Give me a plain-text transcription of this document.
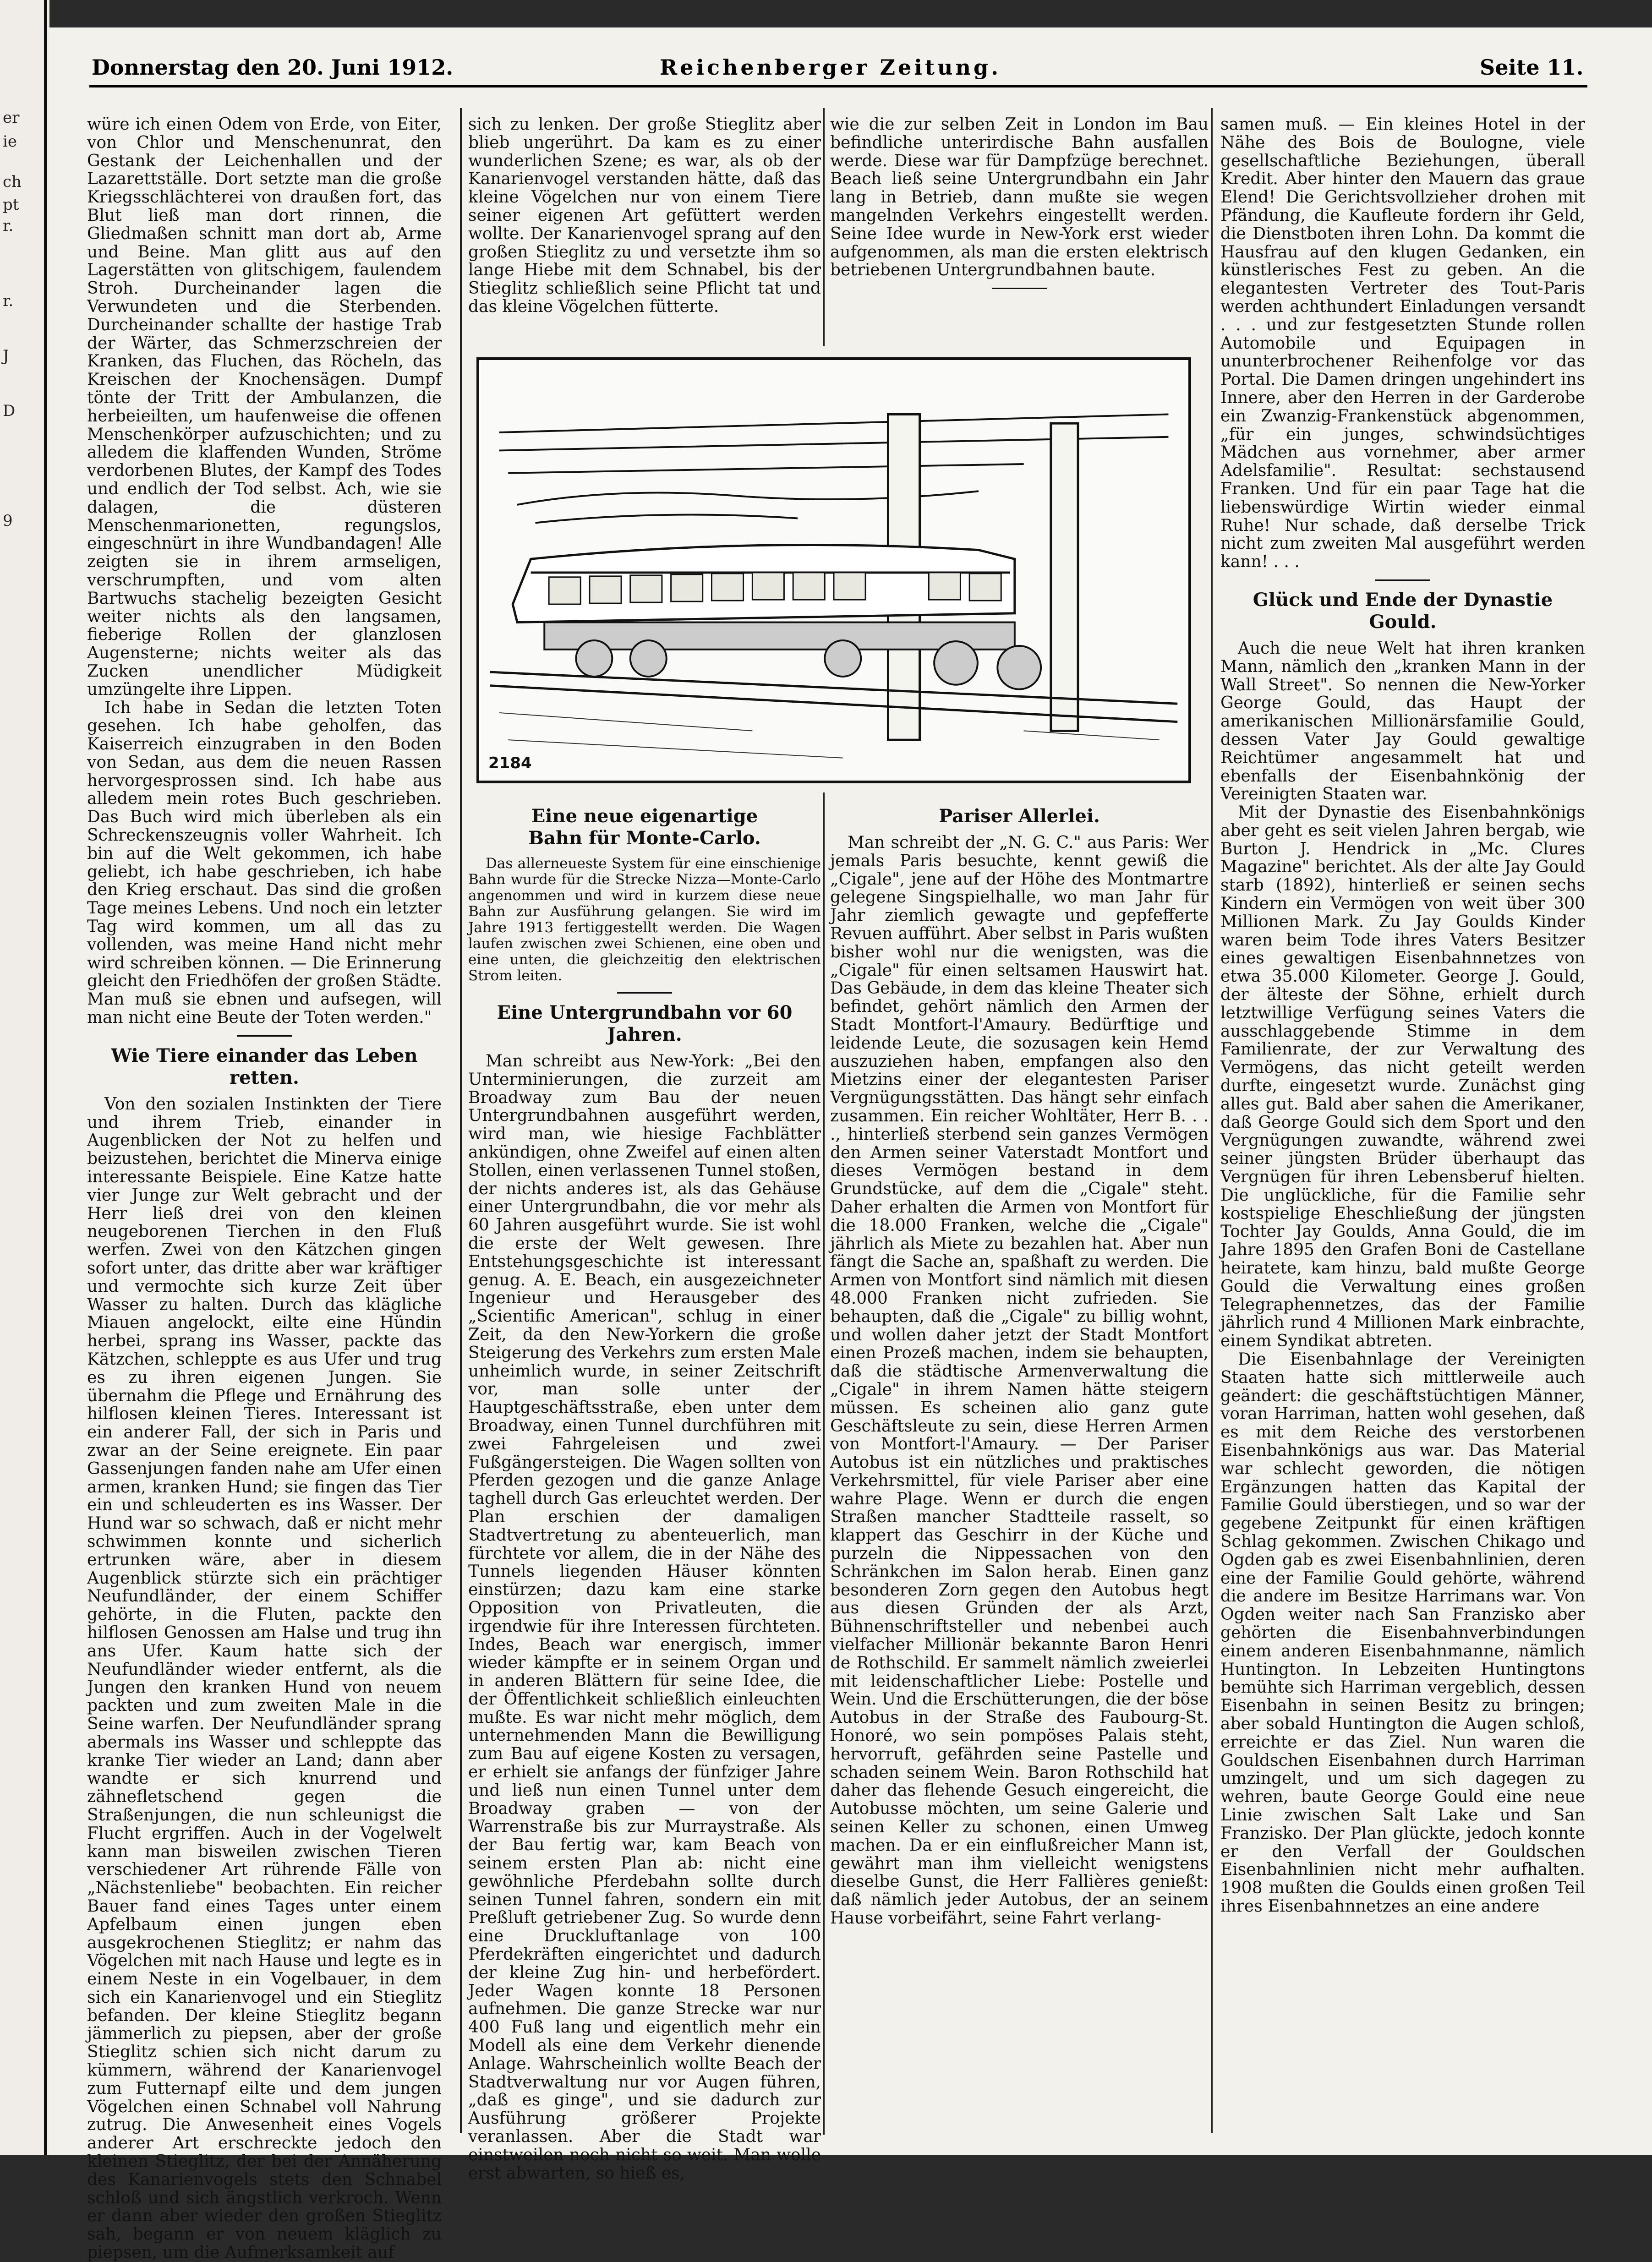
er
ie
ch
pt
r.
r.
J
D
9
Donnerstag den 20. Juni 1912.	Reichenberger Zeitung.	Seite 11.

würe ich einen Odem von Erde, von Eiter, von Chlor und Menschenunrat, den Gestank der Leichenhallen und der Lazarettställe. Dort setzte man die große Kriegsschlächterei von draußen fort, das Blut ließ man dort rinnen, die Gliedmaßen schnitt man dort ab, Arme und Beine. Man glitt aus auf den Lagerstätten von glitschigem, faulendem Stroh. Durcheinander lagen die Verwundeten und die Sterbenden. Durcheinander schallte der hastige Trab der Wärter, das Schmerzschreien der Kranken, das Fluchen, das Röcheln, das Kreischen der Knochensägen. Dumpf tönte der Tritt der Ambulanzen, die herbeieilten, um haufenweise die offenen Menschenkörper aufzuschichten; und zu alledem die klaffenden Wunden, Ströme verdorbenen Blutes, der Kampf des Todes und endlich der Tod selbst. Ach, wie sie dalagen, die düsteren Menschenmarionetten, regungslos, eingeschnürt in ihre Wundbandagen! Alle zeigten sie in ihrem armseligen, verschrumpften, und vom alten Bartwuchs stachelig bezeigten Gesicht weiter nichts als den langsamen, fieberige Rollen der glanzlosen Augensterne; nichts weiter als das Zucken unendlicher Müdigkeit umzüngelte ihre Lippen.

Ich habe in Sedan die letzten Toten gesehen. Ich habe geholfen, das Kaiserreich einzugraben in den Boden von Sedan, aus dem die neuen Rassen hervorgesprossen sind. Ich habe aus alledem mein rotes Buch geschrieben. Das Buch wird mich überleben als ein Schreckenszeugnis voller Wahrheit. Ich bin auf die Welt gekommen, ich habe geliebt, ich habe geschrieben, ich habe den Krieg erschaut. Das sind die großen Tage meines Lebens. Und noch ein letzter Tag wird kommen, um all das zu vollenden, was meine Hand nicht mehr wird schreiben können. — Die Erinnerung gleicht den Friedhöfen der großen Städte. Man muß sie ebnen und aufsegen, will man nicht eine Beute der Toten werden."

Wie Tiere einander das Leben retten.

Von den sozialen Instinkten der Tiere und ihrem Trieb, einander in Augenblicken der Not zu helfen und beizustehen, berichtet die Minerva einige interessante Beispiele. Eine Katze hatte vier Junge zur Welt gebracht und der Herr ließ drei von den kleinen neugeborenen Tierchen in den Fluß werfen. Zwei von den Kätzchen gingen sofort unter, das dritte aber war kräftiger und vermochte sich kurze Zeit über Wasser zu halten. Durch das klägliche Miauen angelockt, eilte eine Hündin herbei, sprang ins Wasser, packte das Kätzchen, schleppte es aus Ufer und trug es zu ihren eigenen Jungen. Sie übernahm die Pflege und Ernährung des hilflosen kleinen Tieres. Interessant ist ein anderer Fall, der sich in Paris und zwar an der Seine ereignete. Ein paar Gassenjungen fanden nahe am Ufer einen armen, kranken Hund; sie fingen das Tier ein und schleuderten es ins Wasser. Der Hund war so schwach, daß er nicht mehr schwimmen konnte und sicherlich ertrunken wäre, aber in diesem Augenblick stürzte sich ein prächtiger Neufundländer, der einem Schiffer gehörte, in die Fluten, packte den hilflosen Genossen am Halse und trug ihn ans Ufer. Kaum hatte sich der Neufundländer wieder entfernt, als die Jungen den kranken Hund von neuem packten und zum zweiten Male in die Seine warfen. Der Neufundländer sprang abermals ins Wasser und schleppte das kranke Tier wieder an Land; dann aber wandte er sich knurrend und zähnefletschend gegen die Straßenjungen, die nun schleunigst die Flucht ergriffen. Auch in der Vogelwelt kann man bisweilen zwischen Tieren verschiedener Art rührende Fälle von „Nächstenliebe" beobachten. Ein reicher Bauer fand eines Tages unter einem Apfelbaum einen jungen eben ausgekrochenen Stieglitz; er nahm das Vögelchen mit nach Hause und legte es in einem Neste in ein Vogelbauer, in dem sich ein Kanarienvogel und ein Stieglitz befanden. Der kleine Stieglitz begann jämmerlich zu piepsen, aber der große Stieglitz schien sich nicht darum zu kümmern, während der Kanarienvogel zum Futternapf eilte und dem jungen Vögelchen einen Schnabel voll Nahrung zutrug. Die Anwesenheit eines Vogels anderer Art erschreckte jedoch den kleinen Stieglitz, der bei der Annäherung des Kanarienvogels stets den Schnabel schloß und sich ängstlich verkroch. Wenn er dann aber wieder den großen Stieglitz sah, begann er von neuem kläglich zu piepsen, um die Aufmerksamkeit auf

sich zu lenken. Der große Stieglitz aber blieb ungerührt. Da kam es zu einer wunderlichen Szene; es war, als ob der Kanarienvogel verstanden hätte, daß das kleine Vögelchen nur von einem Tiere seiner eigenen Art gefüttert werden wollte. Der Kanarienvogel sprang auf den großen Stieglitz zu und versetzte ihm so lange Hiebe mit dem Schnabel, bis der Stieglitz schließlich seine Pflicht tat und das kleine Vögelchen fütterte.

Eine neue eigenartige
Bahn für Monte-Carlo.

Das allerneueste System für eine einschienige Bahn wurde für die Strecke Nizza—Monte-Carlo angenommen und wird in kurzem diese neue Bahn zur Ausführung gelangen. Sie wird im Jahre 1913 fertiggestellt werden. Die Wagen laufen zwischen zwei Schienen, eine oben und eine unten, die gleichzeitig den elektrischen Strom leiten.

Eine Untergrundbahn vor 60 Jahren.

Man schreibt aus New-York: „Bei den Unterminierungen, die zurzeit am Broadway zum Bau der neuen Untergrundbahnen ausgeführt werden, wird man, wie hiesige Fachblätter ankündigen, ohne Zweifel auf einen alten Stollen, einen verlassenen Tunnel stoßen, der nichts anderes ist, als das Gehäuse einer Untergrundbahn, die vor mehr als 60 Jahren ausgeführt wurde. Sie ist wohl die erste der Welt gewesen. Ihre Entstehungsgeschichte ist interessant genug. A. E. Beach, ein ausgezeichneter Ingenieur und Herausgeber des „Scientific American", schlug in einer Zeit, da den New-Yorkern die große Steigerung des Verkehrs zum ersten Male unheimlich wurde, in seiner Zeitschrift vor, man solle unter der Hauptgeschäftsstraße, eben unter dem Broadway, einen Tunnel durchführen mit zwei Fahrgeleisen und zwei Fußgängersteigen. Die Wagen sollten von Pferden gezogen und die ganze Anlage taghell durch Gas erleuchtet werden. Der Plan erschien der damaligen Stadtvertretung zu abenteuerlich, man fürchtete vor allem, die in der Nähe des Tunnels liegenden Häuser könnten einstürzen; dazu kam eine starke Opposition von Privatleuten, die irgendwie für ihre Interessen fürchteten. Indes, Beach war energisch, immer wieder kämpfte er in seinem Organ und in anderen Blättern für seine Idee, die der Öffentlichkeit schließlich einleuchten mußte. Es war nicht mehr möglich, dem unternehmenden Mann die Bewilligung zum Bau auf eigene Kosten zu versagen, er erhielt sie anfangs der fünfziger Jahre und ließ nun einen Tunnel unter dem Broadway graben — von der Warrenstraße bis zur Murraystraße. Als der Bau fertig war, kam Beach von seinem ersten Plan ab: nicht eine gewöhnliche Pferdebahn sollte durch seinen Tunnel fahren, sondern ein mit Preßluft getriebener Zug. So wurde denn eine Druckluftanlage von 100 Pferdekräften eingerichtet und dadurch der kleine Zug hin- und herbefördert. Jeder Wagen konnte 18 Personen aufnehmen. Die ganze Strecke war nur 400 Fuß lang und eigentlich mehr ein Modell als eine dem Verkehr dienende Anlage. Wahrscheinlich wollte Beach der Stadtverwaltung nur vor Augen führen, „daß es ginge", und sie dadurch zur Ausführung größerer Projekte veranlassen. Aber die Stadt war einstweilen noch nicht so weit. Man wolle erst abwarten, so hieß es,

wie die zur selben Zeit in London im Bau befindliche unterirdische Bahn ausfallen werde. Diese war für Dampfzüge berechnet. Beach ließ seine Untergrundbahn ein Jahr lang in Betrieb, dann mußte sie wegen mangelnden Verkehrs eingestellt werden. Seine Idee wurde in New-York erst wieder aufgenommen, als man die ersten elektrisch betriebenen Untergrundbahnen baute.

Pariser Allerlei.

Man schreibt der „N. G. C." aus Paris: Wer jemals Paris besuchte, kennt gewiß die „Cigale", jene auf der Höhe des Montmartre gelegene Singspielhalle, wo man Jahr für Jahr ziemlich gewagte und gepfefferte Revuen aufführt. Aber selbst in Paris wußten bisher wohl nur die wenigsten, was die „Cigale" für einen seltsamen Hauswirt hat. Das Gebäude, in dem das kleine Theater sich befindet, gehört nämlich den Armen der Stadt Montfort-l'Amaury. Bedürftige und leidende Leute, die sozusagen kein Hemd auszuziehen haben, empfangen also den Mietzins einer der elegantesten Pariser Vergnügungsstätten. Das hängt sehr einfach zusammen. Ein reicher Wohltäter, Herr B. . . ., hinterließ sterbend sein ganzes Vermögen den Armen seiner Vaterstadt Montfort und dieses Vermögen bestand in dem Grundstücke, auf dem die „Cigale" steht. Daher erhalten die Armen von Montfort für die 18.000 Franken, welche die „Cigale" jährlich als Miete zu bezahlen hat. Aber nun fängt die Sache an, spaßhaft zu werden. Die Armen von Montfort sind nämlich mit diesen 48.000 Franken nicht zufrieden. Sie behaupten, daß die „Cigale" zu billig wohnt, und wollen daher jetzt der Stadt Montfort einen Prozeß machen, indem sie behaupten, daß die städtische Armenverwaltung die „Cigale" in ihrem Namen hätte steigern müssen. Es scheinen alio ganz gute Geschäftsleute zu sein, diese Herren Armen von Montfort-l'Amaury. — Der Pariser Autobus ist ein nützliches und praktisches Verkehrsmittel, für viele Pariser aber eine wahre Plage. Wenn er durch die engen Straßen mancher Stadtteile rasselt, so klappert das Geschirr in der Küche und purzeln die Nippessachen von den Schränkchen im Salon herab. Einen ganz besonderen Zorn gegen den Autobus hegt aus diesen Gründen der als Arzt, Bühnenschriftsteller und nebenbei auch vielfacher Millionär bekannte Baron Henri de Rothschild. Er sammelt nämlich zweierlei mit leidenschaftlicher Liebe: Postelle und Wein. Und die Erschütterungen, die der böse Autobus in der Straße des Faubourg-St. Honoré, wo sein pompöses Palais steht, hervorruft, gefährden seine Pastelle und schaden seinem Wein. Baron Rothschild hat daher das flehende Gesuch eingereicht, die Autobusse möchten, um seine Galerie und seinen Keller zu schonen, einen Umweg machen. Da er ein einflußreicher Mann ist, gewährt man ihm vielleicht wenigstens dieselbe Gunst, die Herr Fallières genießt: daß nämlich jeder Autobus, der an seinem Hause vorbeifährt, seine Fahrt verlang-

samen muß. — Ein kleines Hotel in der Nähe des Bois de Boulogne, viele gesellschaftliche Beziehungen, überall Kredit. Aber hinter den Mauern das graue Elend! Die Gerichtsvollzieher drohen mit Pfändung, die Kaufleute fordern ihr Geld, die Dienstboten ihren Lohn. Da kommt die Hausfrau auf den klugen Gedanken, ein künstlerisches Fest zu geben. An die elegantesten Vertreter des Tout-Paris werden achthundert Einladungen versandt . . . und zur festgesetzten Stunde rollen Automobile und Equipagen in ununterbrochener Reihenfolge vor das Portal. Die Damen dringen ungehindert ins Innere, aber den Herren in der Garderobe ein Zwanzig-Frankenstück abgenommen, „für ein junges, schwindsüchtiges Mädchen aus vornehmer, aber armer Adelsfamilie". Resultat: sechstausend Franken. Und für ein paar Tage hat die liebenswürdige Wirtin wieder einmal Ruhe! Nur schade, daß derselbe Trick nicht zum zweiten Mal ausgeführt werden kann! . . .

Glück und Ende der Dynastie Gould.

Auch die neue Welt hat ihren kranken Mann, nämlich den „kranken Mann in der Wall Street". So nennen die New-Yorker George Gould, das Haupt der amerikanischen Millionärsfamilie Gould, dessen Vater Jay Gould gewaltige Reichtümer angesammelt hat und ebenfalls der Eisenbahnkönig der Vereinigten Staaten war.

Mit der Dynastie des Eisenbahnkönigs aber geht es seit vielen Jahren bergab, wie Burton J. Hendrick in „Mc. Clures Magazine" berichtet. Als der alte Jay Gould starb (1892), hinterließ er seinen sechs Kindern ein Vermögen von weit über 300 Millionen Mark. Zu Jay Goulds Kinder waren beim Tode ihres Vaters Besitzer eines gewaltigen Eisenbahnnetzes von etwa 35.000 Kilometer. George J. Gould, der älteste der Söhne, erhielt durch letztwillige Verfügung seines Vaters die ausschlaggebende Stimme in dem Familienrate, der zur Verwaltung des Vermögens, das nicht geteilt werden durfte, eingesetzt wurde. Zunächst ging alles gut. Bald aber sahen die Amerikaner, daß George Gould sich dem Sport und den Vergnügungen zuwandte, während zwei seiner jüngsten Brüder überhaupt das Vergnügen für ihren Lebensberuf hielten. Die unglückliche, für die Familie sehr kostspielige Eheschließung der jüngsten Tochter Jay Goulds, Anna Gould, die im Jahre 1895 den Grafen Boni de Castellane heiratete, kam hinzu, bald mußte George Gould die Verwaltung eines großen Telegraphennetzes, das der Familie jährlich rund 4 Millionen Mark einbrachte, einem Syndikat abtreten.

Die Eisenbahnlage der Vereinigten Staaten hatte sich mittlerweile auch geändert: die geschäftstüchtigen Männer, voran Harriman, hatten wohl gesehen, daß es mit dem Reiche des verstorbenen Eisenbahnkönigs aus war. Das Material war schlecht geworden, die nötigen Ergänzungen hatten das Kapital der Familie Gould überstiegen, und so war der gegebene Zeitpunkt für einen kräftigen Schlag gekommen. Zwischen Chikago und Ogden gab es zwei Eisenbahnlinien, deren eine der Familie Gould gehörte, während die andere im Besitze Harrimans war. Von Ogden weiter nach San Franzisko aber gehörten die Eisenbahnverbindungen einem anderen Eisenbahnmanne, nämlich Huntington. In Lebzeiten Huntingtons bemühte sich Harriman vergeblich, dessen Eisenbahn in seinen Besitz zu bringen; aber sobald Huntington die Augen schloß, erreichte er das Ziel. Nun waren die Gouldschen Eisenbahnen durch Harriman umzingelt, und um sich dagegen zu wehren, baute George Gould eine neue Linie zwischen Salt Lake und San Franzisko. Der Plan glückte, jedoch konnte er den Verfall der Gouldschen Eisenbahnlinien nicht mehr aufhalten. 1908 mußten die Goulds einen großen Teil ihres Eisenbahnnetzes an eine andere

2184
